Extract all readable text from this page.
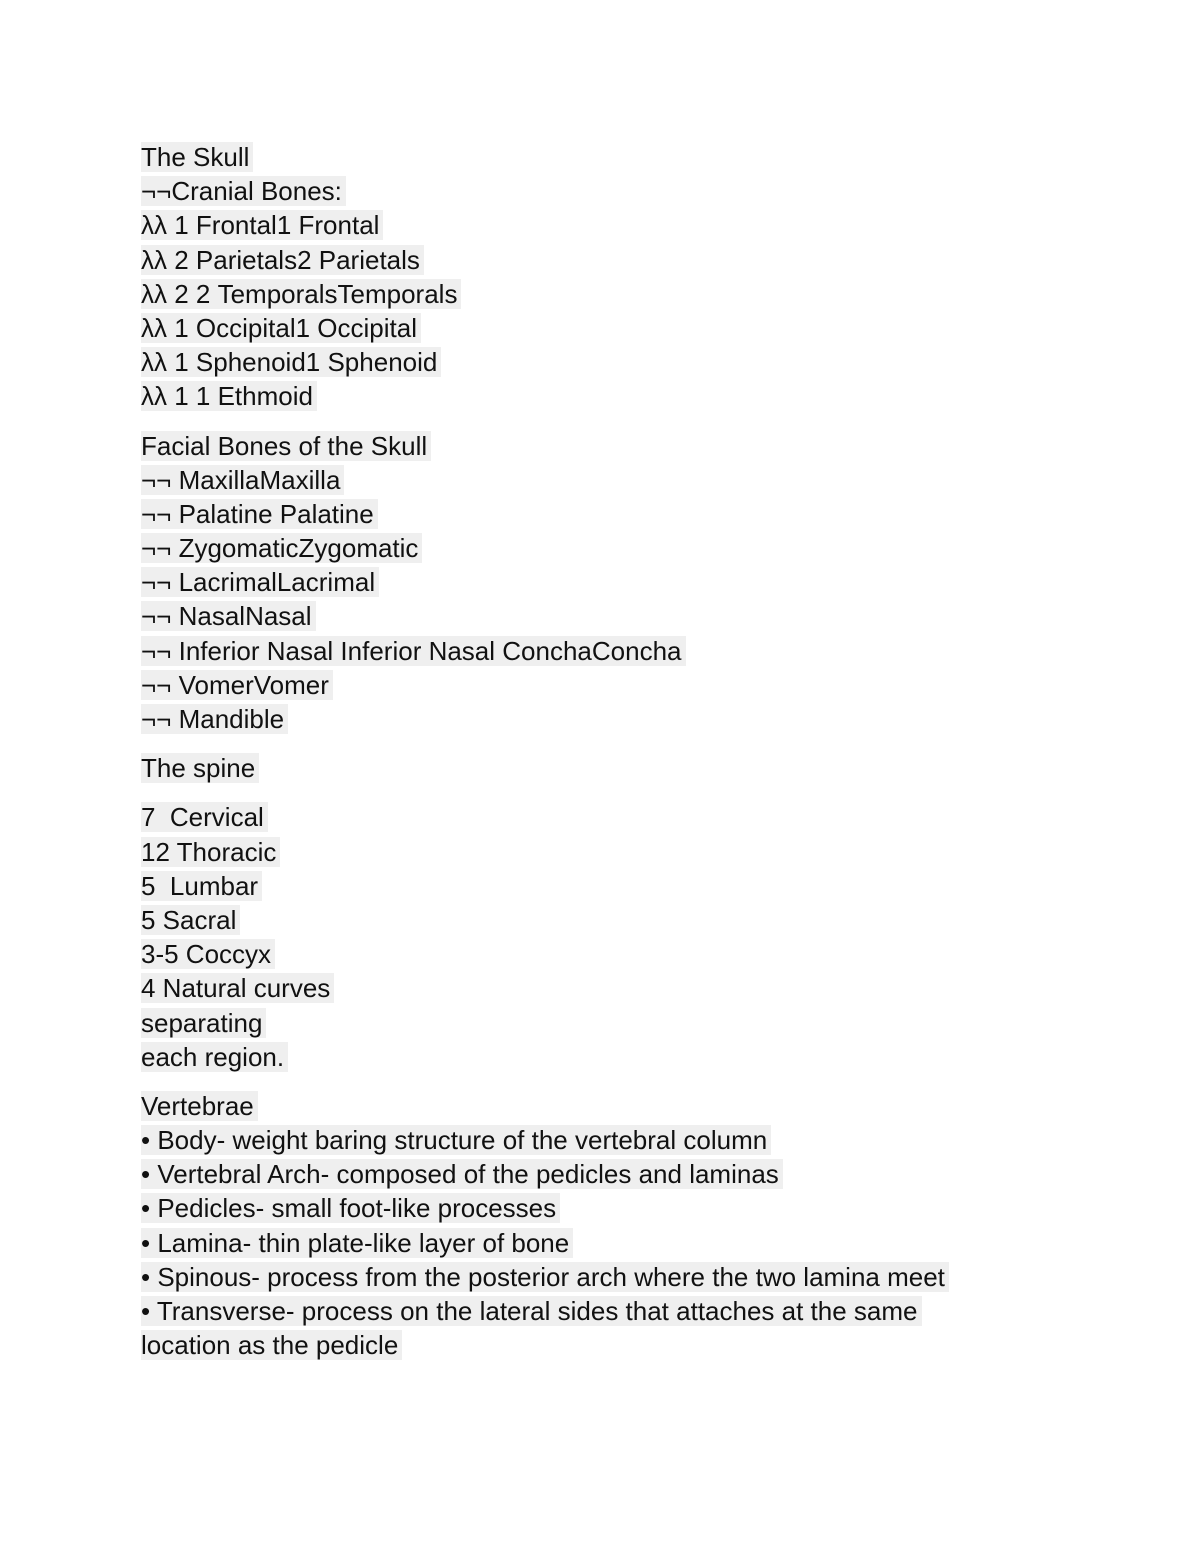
The Skull
¬¬Cranial Bones:
λλ 1 Frontal1 Frontal
λλ 2 Parietals2 Parietals
λλ 2 2 TemporalsTemporals
λλ 1 Occipital1 Occipital
λλ 1 Sphenoid1 Sphenoid
λλ 1 1 Ethmoid
Facial Bones of the Skull
¬¬ MaxillaMaxilla
¬¬ Palatine Palatine
¬¬ ZygomaticZygomatic
¬¬ LacrimalLacrimal
¬¬ NasalNasal
¬¬ Inferior Nasal Inferior Nasal ConchaConcha
¬¬ VomerVomer
¬¬ Mandible
The spine
7  Cervical
12 Thoracic
5  Lumbar
5 Sacral
3-5 Coccyx
4 Natural curves
separating
each region.
Vertebrae
• Body- weight baring structure of the vertebral column
• Vertebral Arch- composed of the pedicles and laminas
• Pedicles- small foot-like processes
• Lamina- thin plate-like layer of bone
• Spinous- process from the posterior arch where the two lamina meet
• Transverse- process on the lateral sides that attaches at the same
location as the pedicle
